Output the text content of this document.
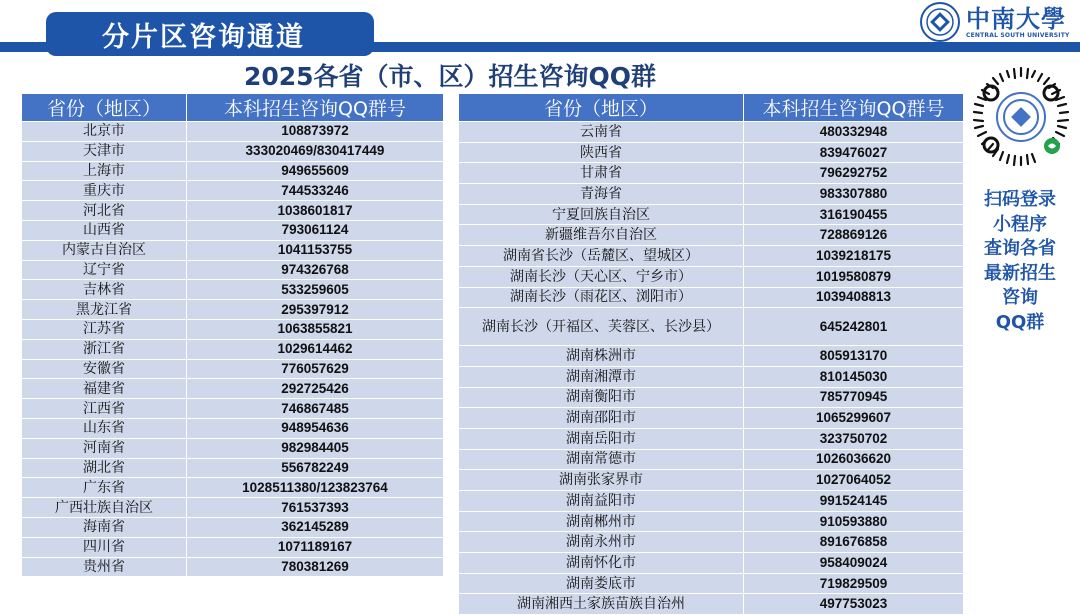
分片区咨询通道
中南大學
CENTRAL SOUTH UNIVERSITY
2025各省（市、区）招生咨询QQ群
省份（地区）	本科招生咨询QQ群号
北京市	108873972
天津市	333020469/830417449
上海市	949655609
重庆市	744533246
河北省	1038601817
山西省	793061124
内蒙古自治区	1041153755
辽宁省	974326768
吉林省	533259605
黑龙江省	295397912
江苏省	1063855821
浙江省	1029614462
安徽省	776057629
福建省	292725426
江西省	746867485
山东省	948954636
河南省	982984405
湖北省	556782249
广东省	1028511380/123823764
广西壮族自治区	761537393
海南省	362145289
四川省	1071189167
贵州省	780381269
省份（地区）	本科招生咨询QQ群号
云南省	480332948
陕西省	839476027
甘肃省	796292752
青海省	983307880
宁夏回族自治区	316190455
新疆维吾尔自治区	728869126
湖南省长沙（岳麓区、望城区）	1039218175
湖南长沙（天心区、宁乡市）	1019580879
湖南长沙（雨花区、浏阳市）	1039408813
湖南长沙（开福区、芙蓉区、长沙县）	645242801
湖南株洲市	805913170
湖南湘潭市	810145030
湖南衡阳市	785770945
湖南邵阳市	1065299607
湖南岳阳市	323750702
湖南常德市	1026036620
湖南张家界市	1027064052
湖南益阳市	991524145
湖南郴州市	910593880
湖南永州市	891676858
湖南怀化市	958409024
湖南娄底市	719829509
湖南湘西土家族苗族自治州	497753023
扫码登录
小程序
查询各省
最新招生
咨询
QQ群
